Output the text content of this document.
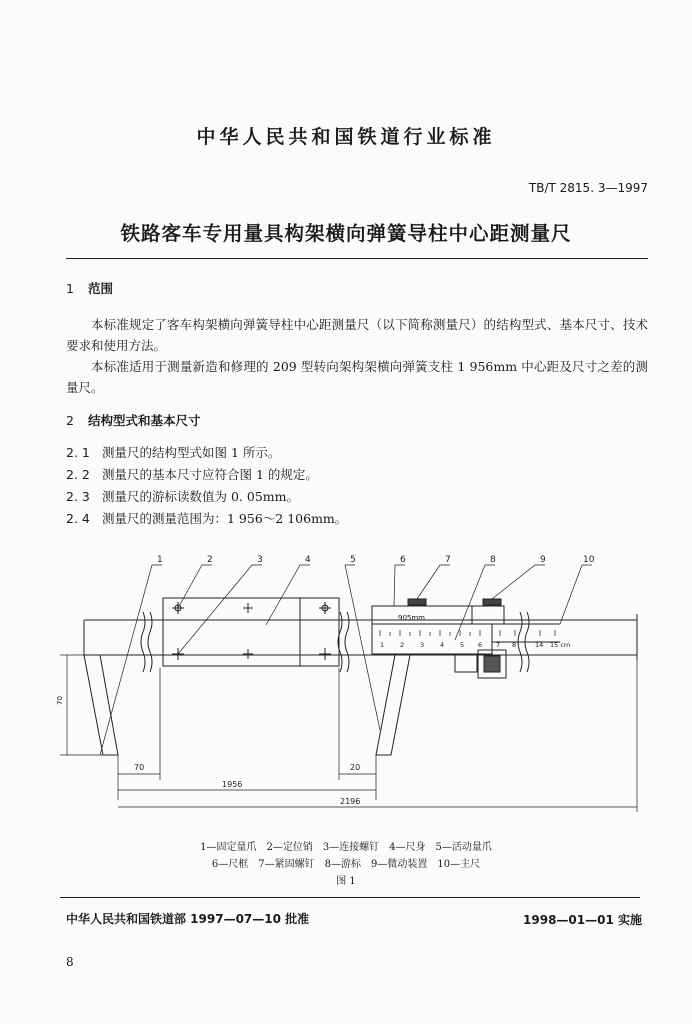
中华人民共和国铁道行业标准
TB/T 2815. 3—1997
铁路客车专用量具构架横向弹簧导柱中心距测量尺
1 范围
本标准规定了客车构架横向弹簧导柱中心距测量尺（以下简称测量尺）的结构型式、基本尺寸、技术要求和使用方法。
本标准适用于测量新造和修理的 209 型转向架构架横向弹簧支柱 1 956mm 中心距及尺寸之差的测量尺。
2 结构型式和基本尺寸
2. 1 测量尺的结构型式如图 1 所示。
2. 2 测量尺的基本尺寸应符合图 1 的规定。
2. 3 测量尺的游标读数值为 0. 05mm。
2. 4 测量尺的测量范围为：1 956～2 106mm。
1	2	3	4	5	6	7	8	9	10
905mm
1 2 3 4 5 6 7 8	14 15 cm
70	20
1956
2196
70
1—固定量爪　2—定位销　3—连接螺钉　4—尺身　5—活动量爪
6—尺框　7—紧固螺钉　8—游标　9—微动装置　10—主尺
图 1
中华人民共和国铁道部 1997—07—10 批准	1998—01—01 实施
8
